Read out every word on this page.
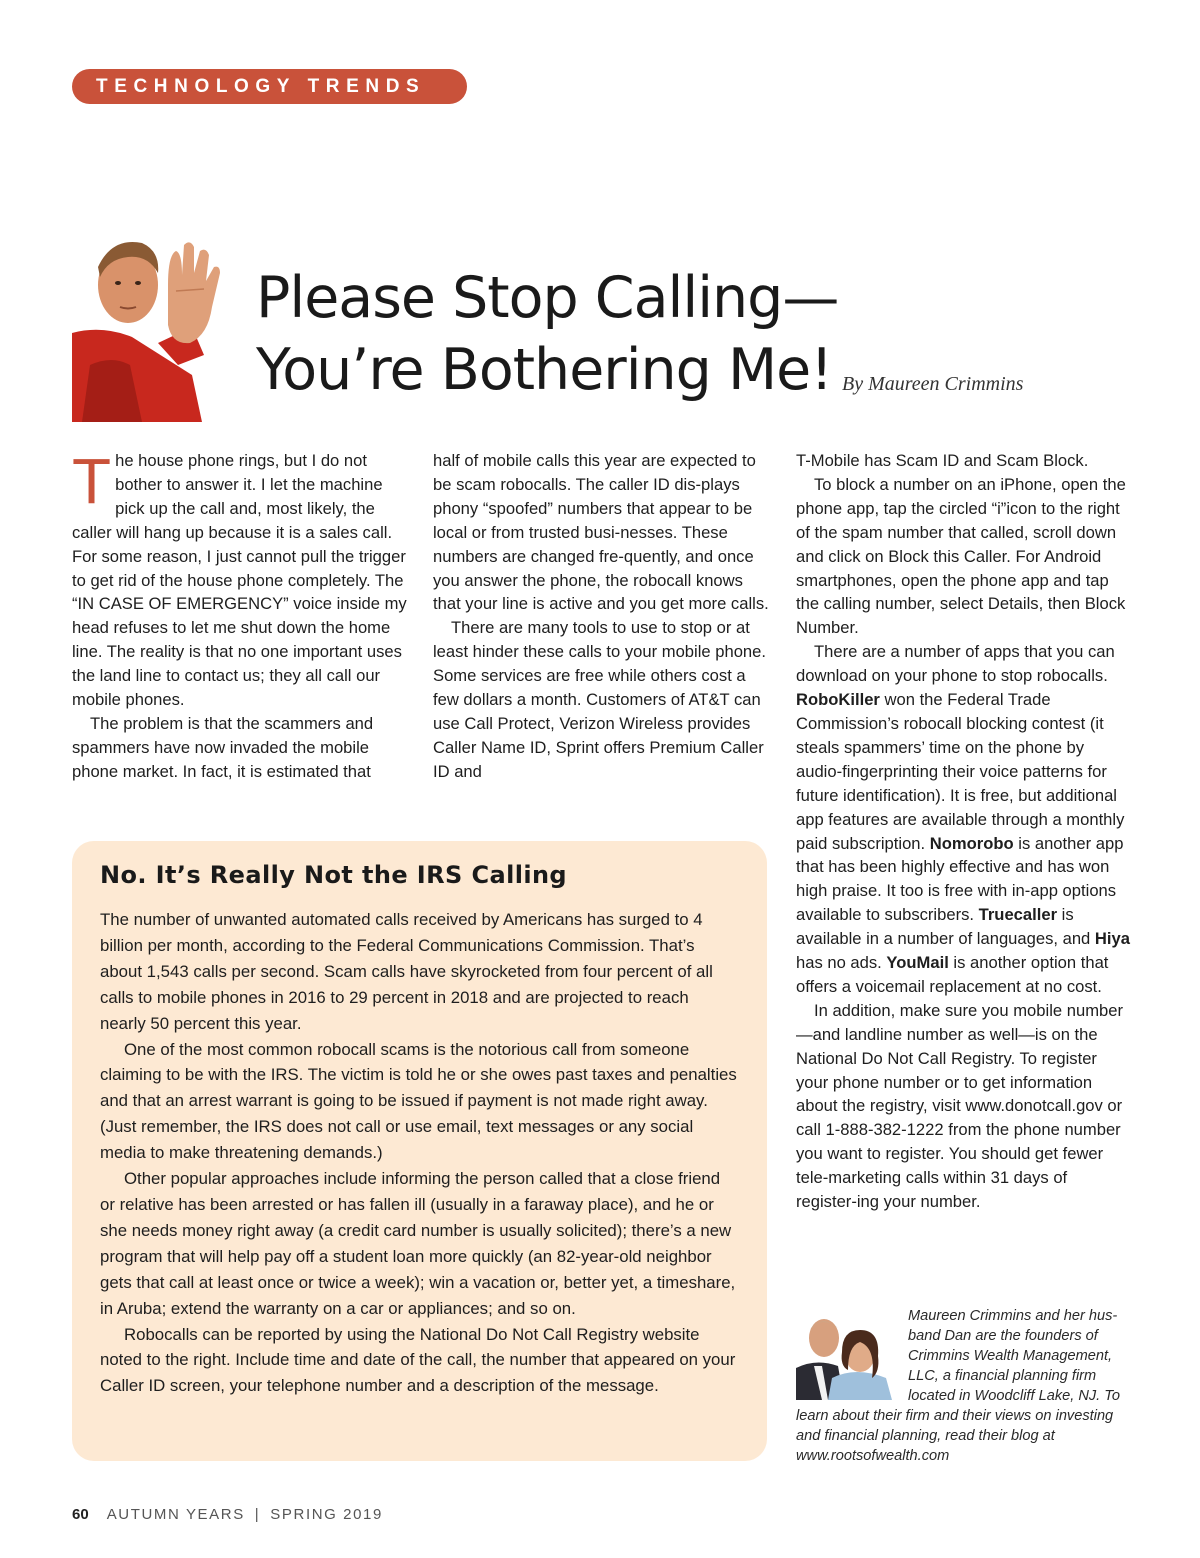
TECHNOLOGY TRENDS
Please Stop Calling—
You’re Bothering Me! By Maureen Crimmins

The house phone rings, but I do not bother to answer it. I let the machine pick up the call and, most likely, the caller will hang up because it is a sales call. For some reason, I just cannot pull the trigger to get rid of the house phone completely. The “IN CASE OF EMERGENCY” voice inside my head refuses to let me shut down the home line. The reality is that no one important uses the land line to contact us; they all call our mobile phones.

The problem is that the scammers and spammers have now invaded the mobile phone market. In fact, it is estimated that

half of mobile calls this year are expected to be scam robocalls. The caller ID dis-plays phony “spoofed” numbers that appear to be local or from trusted busi-nesses. These numbers are changed fre-quently, and once you answer the phone, the robocall knows that your line is active and you get more calls.

There are many tools to use to stop or at least hinder these calls to your mobile phone. Some services are free while others cost a few dollars a month. Customers of AT&T can use Call Protect, Verizon Wireless provides Caller Name ID, Sprint offers Premium Caller ID and

T-Mobile has Scam ID and Scam Block.

To block a number on an iPhone, open the phone app, tap the circled “i”icon to the right of the spam number that called, scroll down and click on Block this Caller. For Android smartphones, open the phone app and tap the calling number, select Details, then Block Number.

There are a number of apps that you can download on your phone to stop robocalls. RoboKiller won the Federal Trade Commission’s robocall blocking contest (it steals spammers’ time on the phone by audio-fingerprinting their voice patterns for future identification). It is free, but additional app features are available through a monthly paid subscription. Nomorobo is another app that has been highly effective and has won high praise. It too is free with in-app options available to subscribers. Truecaller is available in a number of languages, and Hiya has no ads. YouMail is another option that offers a voicemail replacement at no cost.

In addition, make sure you mobile number—and landline number as well—is on the National Do Not Call Registry. To register your phone number or to get information about the registry, visit www.donotcall.gov or call 1-888-382-1222 from the phone number you want to register. You should get fewer tele-marketing calls within 31 days of register-ing your number.

No. It’s Really Not the IRS Calling

The number of unwanted automated calls received by Americans has surged to 4 billion per month, according to the Federal Communications Commission. That’s about 1,543 calls per second. Scam calls have skyrocketed from four percent of all calls to mobile phones in 2016 to 29 percent in 2018 and are projected to reach nearly 50 percent this year.

One of the most common robocall scams is the notorious call from someone claiming to be with the IRS. The victim is told he or she owes past taxes and penalties and that an arrest warrant is going to be issued if payment is not made right away. (Just remember, the IRS does not call or use email, text messages or any social media to make threatening demands.)

Other popular approaches include informing the person called that a close friend or relative has been arrested or has fallen ill (usually in a faraway place), and he or she needs money right away (a credit card number is usually solicited); there’s a new program that will help pay off a student loan more quickly (an 82-year-old neighbor gets that call at least once or twice a week); win a vacation or, better yet, a timeshare, in Aruba; extend the warranty on a car or appliances; and so on.

Robocalls can be reported by using the National Do Not Call Registry website noted to the right. Include time and date of the call, the number that appeared on your Caller ID screen, your telephone number and a description of the message.

Maureen Crimmins and her hus-band Dan are the founders of Crimmins Wealth Management, LLC, a financial planning firm located in Woodcliff Lake, NJ. To learn about their firm and their views on investing and financial planning, read their blog at www.rootsofwealth.com
60 AUTUMN YEARS | SPRING 2019
